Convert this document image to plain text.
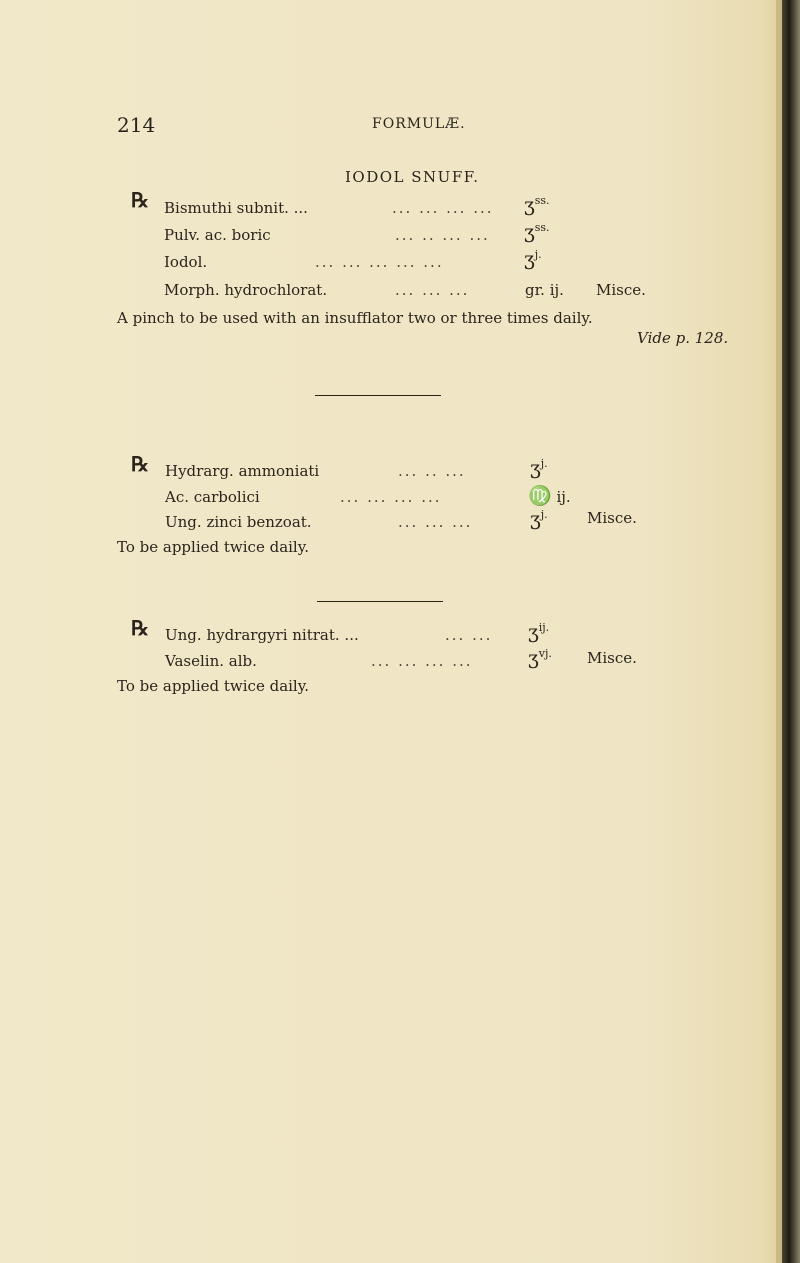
214	FORMULÆ.
IODOL SNUFF.
℞ Bismuthi subnit. ...	... ... ... ... ʒ$^{ss.}$
Pulv. ac. boric	... .. ... ... ʒ$^{ss.}$
Iodol.	... ... ... ... ...	ʒ$^{j.}$
Morph. hydrochlorat.	... ... ...	gr. ij. Misce.
A pinch to be used with an insufflator two or three times daily.
Vide p. 128.
℞ Hydrarg. ammoniati	... .. ...	ʒ$^{j.}$
Ac. carbolici	... ... ... ...	♍ ij.
Ung. zinci benzoat.	... ... ...	ʒ$^{j.}$	Misce.
To be applied twice daily.
℞ Ung. hydrargyri nitrat. ...	... ... ʒ$^{ij.}$
Vaselin. alb.	... ... ... ...	ʒ$^{vj.}$ Misce.
To be applied twice daily.
